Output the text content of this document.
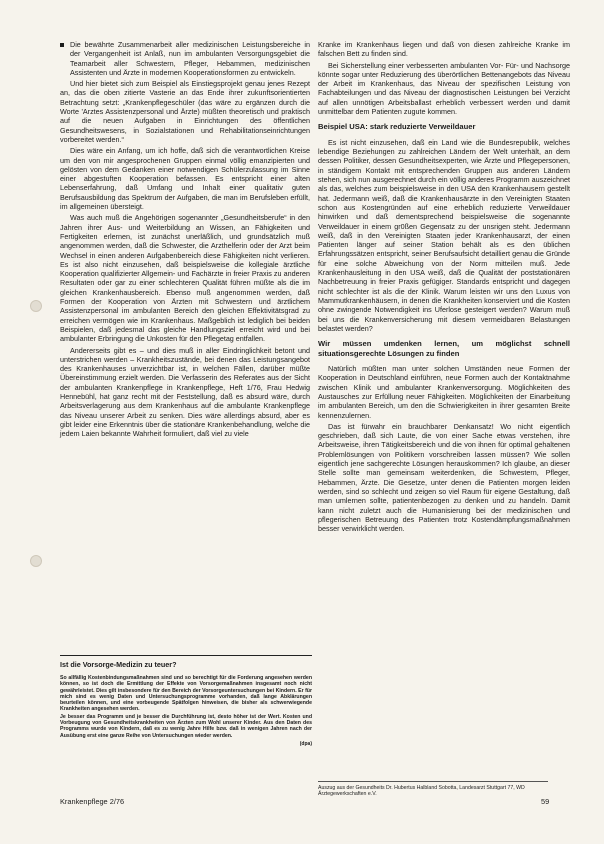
Die bewährte Zusammenarbeit aller medizinischen Leistungsbereiche in der Vergangenheit ist Anlaß, nun im ambulanten Versorgungsgebiet die Teamarbeit aller Schwestern, Pfleger, Hebammen, medizinischen Assistenten und Ärzte in modernen Kooperationsformen zu entwickeln.

Und hier bietet sich zum Beispiel als Einstiegsprojekt genau jenes Rezept an, das die oben zitierte Vasterie an das Ende ihrer zukunftsorientierten Betrachtung setzt: „Krankenpflegeschüler (das wäre zu ergänzen durch die Worte 'Arztes Assistenzpersonal und Ärzte) müßten theoretisch und praktisch auf die neuen Aufgaben in Einrichtungen des öffentlichen Gesundheitswesens, in Sozialstationen und Rehabilitationseinrichtungen vorbereitet werden.“

Dies wäre ein Anfang, um ich hoffe, daß sich die verantwortlichen Kreise um den von mir angesprochenen Gruppen einmal völlig emanzipierten und gelösten von dem Gedanken einer notwendigen Schülerzulassung im Sinne einer abgestuften Kooperation befassen. Es entspricht einer alten Lebenserfahrung, daß Umfang und Inhalt einer qualitativ guten Berufsausbildung das Spektrum der Aufgaben, die man im Berufsleben erfüllt, im allgemeinen übersteigt.

Was auch muß die Angehörigen sogenannter „Gesundheitsberufe“ in den Jahren ihrer Aus- und Weiterbildung an Wissen, an Fähigkeiten und Fertigkeiten erlernen, ist zunächst unerläßlich, und grundsätzlich muß angenommen werden, daß die Schwester, die Arzthelferin oder der Arzt beim Wechsel in einen anderen Aufgabenbereich diese Fähigkeiten nicht verlieren. Es ist also nicht einzusehen, daß beispielsweise die kollegiale ärztliche Kooperation qualifizierter Allgemein- und Fachärzte in freier Praxis zu anderen Resultaten oder gar zu einer schlechteren Qualität führen müßte als die im gleichen Krankenhausbereich. Ebenso muß angenommen werden, daß Formen der Kooperation von Ärzten mit Schwestern und ärztlichem Assistenzpersonal im ambulanten Bereich den gleichen Effektivitätsgrad zu erreichen vermögen wie im Krankenhaus. Maßgeblich ist lediglich bei beiden Beispielen, daß jedesmal das gleiche Handlungsziel erreicht wird und bei ambulanter Erbringung die Unkosten für den Pflegetag entfallen.

Andererseits gibt es – und dies muß in aller Eindringlichkeit betont und unterstrichen werden – Krankheitszustände, bei denen das Leistungsangebot des Krankenhauses unverzichtbar ist, in welchen Fällen, darüber müßte Übereinstimmung erzielt werden. Die Verfasserin des Referates aus der Sicht der ambulanten Krankenpflege in Krankenpflege, Heft 1/76, Frau Hedwig Hennebühl, hat ganz recht mit der Feststellung, daß es absurd wäre, durch Arbeitsverlagerung aus dem Krankenhaus auf die ambulante Krankenpflege das Niveau unserer Arbeit zu senken. Dies wäre allerdings absurd, aber es gibt leider eine Erkenntnis über die stationäre Krankenbehandlung, welche die jedem Laien bekannte Wahrheit formuliert, daß viel zu viele

Ist die Vorsorge-Medizin zu teuer?

So allfällig Kostenbindungsmaßnahmen sind und so berechtigt für die Forderung angesehen werden können, so ist doch die Ermittlung der Effekte von Vorsorgemaßnahmen insgesamt noch nicht gewährleistet. Dies gilt insbesondere für den Bereich der Vorsorgeuntersuchungen bei Kindern. Er für mich sind es wenig Daten und Untersuchungsprogramme vorhanden, daß lange Abklärungen beurteilen können, und eine vorbeugende Spätfolgen hinweisen, die bisher als schwerwiegende Krankheiten angesehen werden.

Je besser das Programm und je besser die Durchführung ist, desto höher ist der Wert. Kosten und Vorbeugung von Gesundheitskrankheiten von Ärzten zum Wohl unserer Kinder. Aus den Daten des Programms wurde von Kindern, daß es zu wenig Jahre Hilfe bzw. daß in wenigen Jahren nach der Ausübung erst eine ganze Reihe von Untersuchungen wieder werden.

(dpa)

Kranke im Krankenhaus liegen und daß von diesen zahlreiche Kranke im falschen Bett zu finden sind.

Bei Sicherstellung einer verbesserten ambulanten Vor- Für- und Nachsorge könnte sogar unter Reduzierung des überörtlichen Bettenangebots das Niveau der Arbeit im Krankenhaus, das Niveau der spezifischen Leistung von Fachabteilungen und das Niveau der diagnostischen Leistungen bei Verzicht auf allen unnötigen Arbeitsballast erheblich verbessert werden und damit unmittelbar dem Patienten zugute kommen.

Beispiel USA: stark reduzierte Verweildauer

Es ist nicht einzusehen, daß ein Land wie die Bundesrepublik, welches lebendige Beziehungen zu zahlreichen Ländern der Welt unterhält, an dem dessen Politiker, dessen Gesundheitsexperten, wie Ärzte und Pflegepersonen, in ständigem Kontakt mit entsprechenden Gruppen aus anderen Ländern stehen, sich nun ausgerechnet durch ein völlig anderes Programm auszeichnet als das, welches zum beispielsweise in den USA den Krankenhausern gestellt hat. Jedermann weiß, daß die Krankenhausärzte in den Vereinigten Staaten schon aus Kostengründen auf eine erheblich reduzierte Verweildauer hinwirken und daß dementsprechend beispielsweise die sogenannte Verweildauer in einem gr0ßen Gegensatz zu der unsrigen steht. Jedermann weiß, daß in den Vereinigten Staaten jeder Krankenhausarzt, der einen Patienten länger auf seiner Station behält als es den üblichen Erfahrungssätzen entspricht, seiner Berufsaufsicht detailliert genau die Gründe für eine solche Abweichung von der Norm mitteilen muß. Jede Krankenhausleitung in den USA weiß, daß die Qualität der poststationären Nachbetreuung in freier Praxis gefügiger. Standards entspricht und dagegen nicht schlechter ist als die der Klinik. Warum leisten wir uns den Luxus von Mammutkrankenhäusern, in denen die Krankheiten konserviert und die Kosten ohne zwingende Notwendigkeit ins Uferlose gesteigert werden? Warum muß bei uns die Krankenversicherung mit diesem vermeidbaren Belastungen belastet werden?

Wir müssen umdenken lernen, um möglichst schnell situationsgerechte Lösungen zu finden

Natürlich müßten man unter solchen Umständen neue Formen der Kooperation in Deutschland einführen, neue Formen auch der Kontaktnahme zwischen Klinik und ambulanter Krankenversorgung. Möglichkeiten des Austausches zur Erfüllung neuer Fähigkeiten. Möglichkeiten der Einarbeitung im ambulanten Bereich, um den die Schwierigkeiten in ihrer gesamten Breite kennenzulernen.

Das ist fürwahr ein brauchbarer Denkansatz! Wo nicht eigentlich geschrieben, daß sich Laute, die von einer Sache etwas verstehen, ihre Arbeitsweise, ihren Tätigkeitsbereich und die von ihnen für optimal gehaltenen Problemlösungen von Politikern vorschreiben lassen müssen? Wie sollen eigentlich jene sachgerechte Lösungen herauskommen? Ich glaube, an dieser Stelle sollte man gemeinsam weiterdenken, die Schwestern, Pfleger, Hebammen, Ärzte. Die Gesetze, unter denen die Patienten morgen leiden werden, sind so schlecht und zeigen so viel Raum für eigene Gestaltung, daß man umlernen sollte, patientenbezogen zu denken und zu handeln. Damit kann nicht zuletzt auch die Humanisierung bei der medizinischen und pflegerischen Betreuung des Patienten trotz Kostendämpfungsmaßnahmen besser verwirklicht werden.

Auszug aus der Gesundheits Dr. Hubertus Halbland Sobotta, Landesarzt Stuttgart 77, WD Ärztegewerkschaften e.V.
Krankenpflege 2/76	59
